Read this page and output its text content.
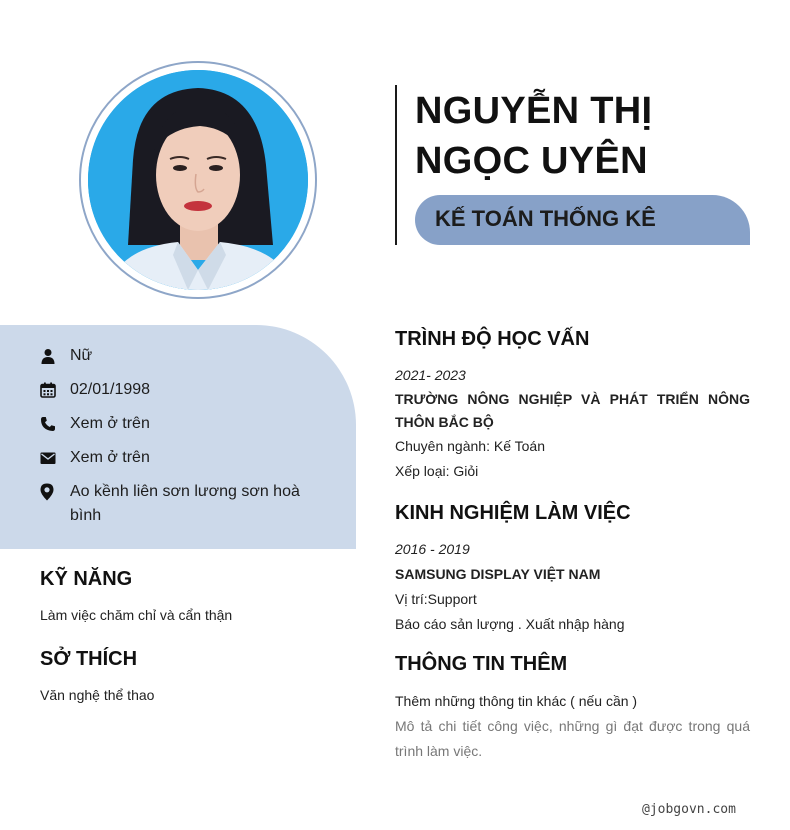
NGUYỄN THỊ
NGỌC UYÊN
KẾ TOÁN THỐNG KÊ
Nữ
02/01/1998
Xem ở trên
Xem ở trên
Ao kềnh liên sơn lương sơn hoà bình
KỸ NĂNG
Làm việc chăm chỉ và cẩn thận
SỞ THÍCH
Văn nghệ thể thao
TRÌNH ĐỘ HỌC VẤN
2021- 2023
TRƯỜNG NÔNG NGHIỆP VÀ PHÁT TRIỂN NÔNG THÔN BẮC BỘ
Chuyên ngành: Kế Toán
Xếp loại: Giỏi
KINH NGHIỆM LÀM VIỆC
2016 - 2019
SAMSUNG DISPLAY VIỆT NAM
Vị trí:Support
Báo cáo sản lượng . Xuất nhập hàng
THÔNG TIN THÊM
Thêm những thông tin khác ( nếu cần )
Mô tả chi tiết công việc, những gì đạt được trong quá trình làm việc.
@jobgovn.com
